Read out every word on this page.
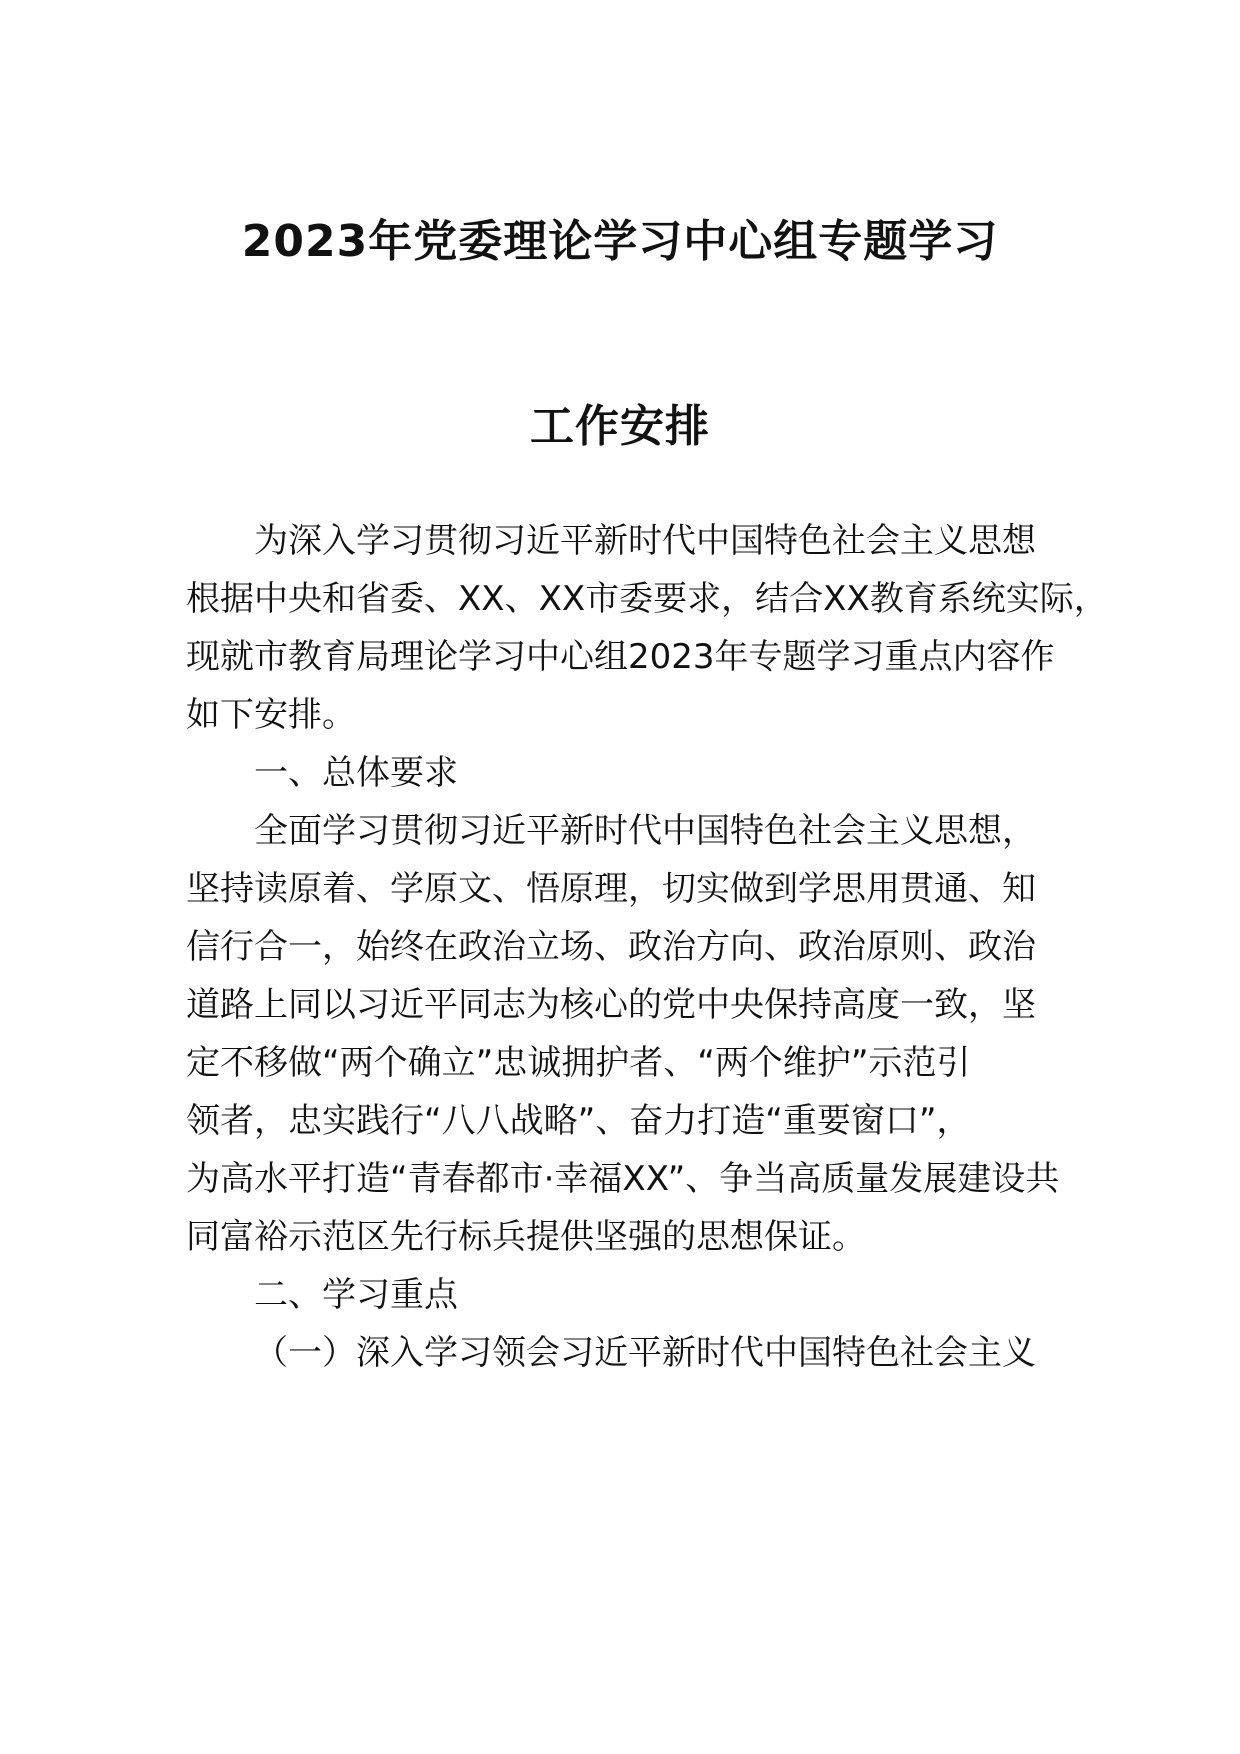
2023年党委理论学习中心组专题学习
工作安排
为深入学习贯彻习近平新时代中国特色社会主义思想
根据中央和省委、XX、XX市委要求，结合XX教育系统实际，
现就市教育局理论学习中心组2023年专题学习重点内容作
如下安排。
一、总体要求
全面学习贯彻习近平新时代中国特色社会主义思想，
坚持读原着、学原文、悟原理，切实做到学思用贯通、知
信行合一，始终在政治立场、政治方向、政治原则、政治
道路上同以习近平同志为核心的党中央保持高度一致，坚
定不移做“两个确立”忠诚拥护者、“两个维护”示范引
领者，忠实践行“八八战略”、奋力打造“重要窗口”，
为高水平打造“青春都市·幸福XX”、争当高质量发展建设共
同富裕示范区先行标兵提供坚强的思想保证。
二、学习重点
（一）深入学习领会习近平新时代中国特色社会主义
